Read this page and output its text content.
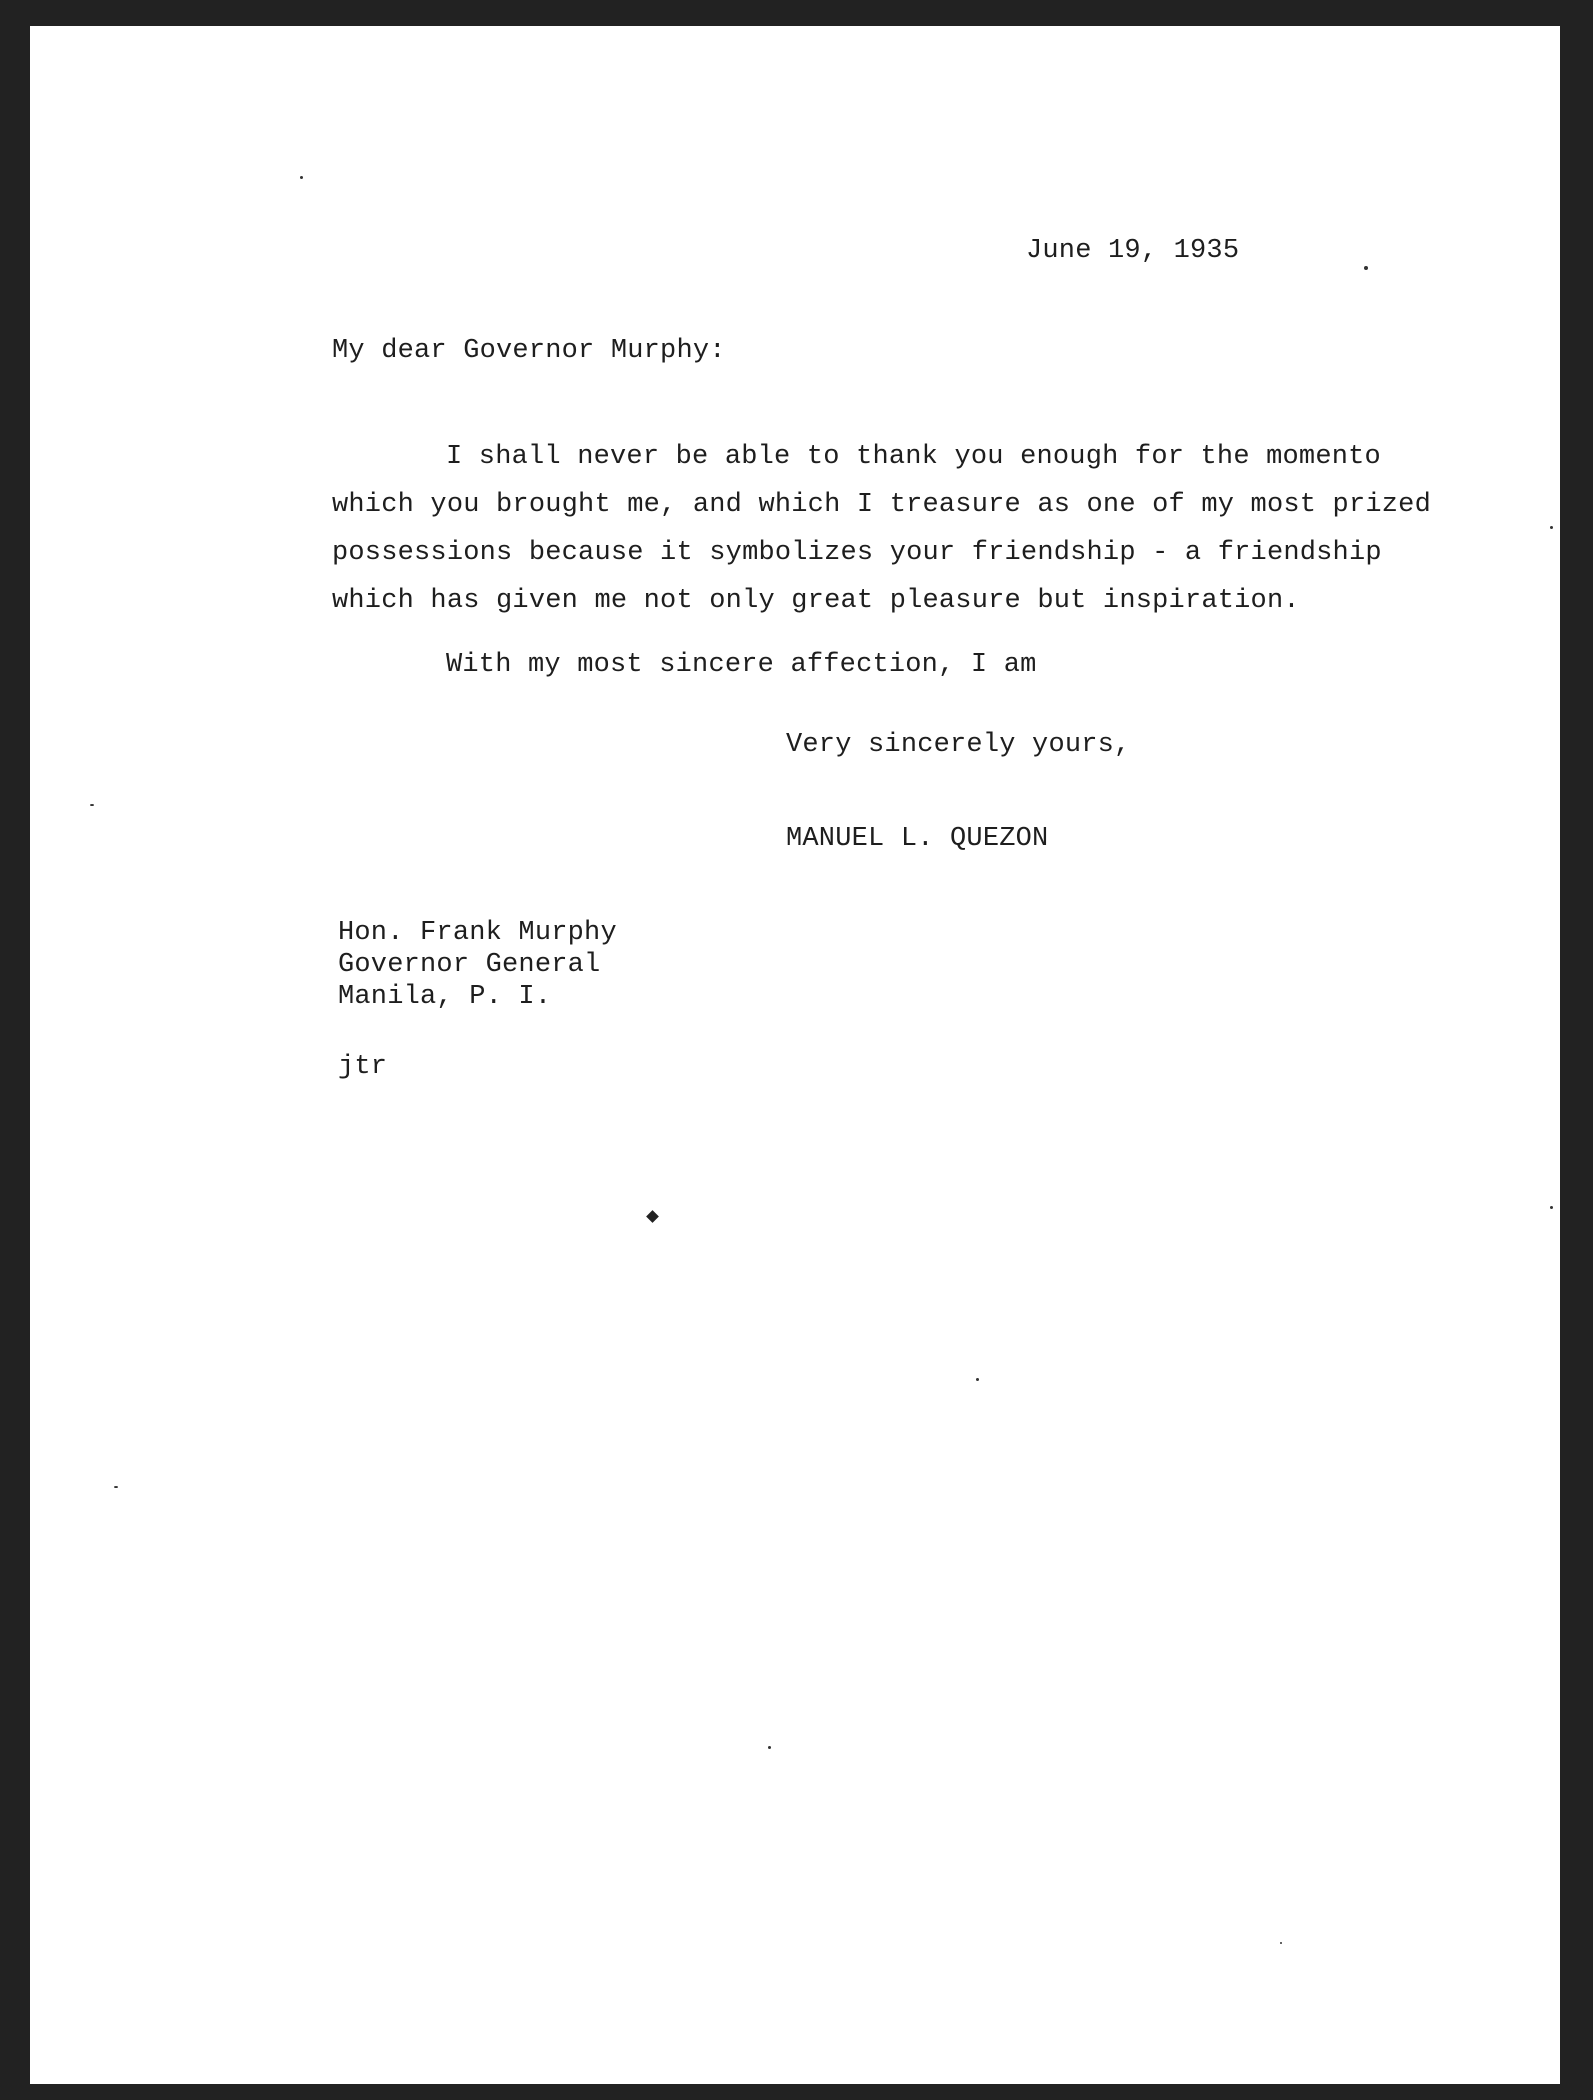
June 19, 1935
My dear Governor Murphy:
I shall never be able to thank you enough for the momento
which you brought me, and which I treasure as one of my most prized
possessions because it symbolizes your friendship - a friendship
which has given me not only great pleasure but inspiration.
With my most sincere affection, I am
Very sincerely yours,
MANUEL L. QUEZON
Hon. Frank Murphy
Governor General
Manila, P. I.
jtr
